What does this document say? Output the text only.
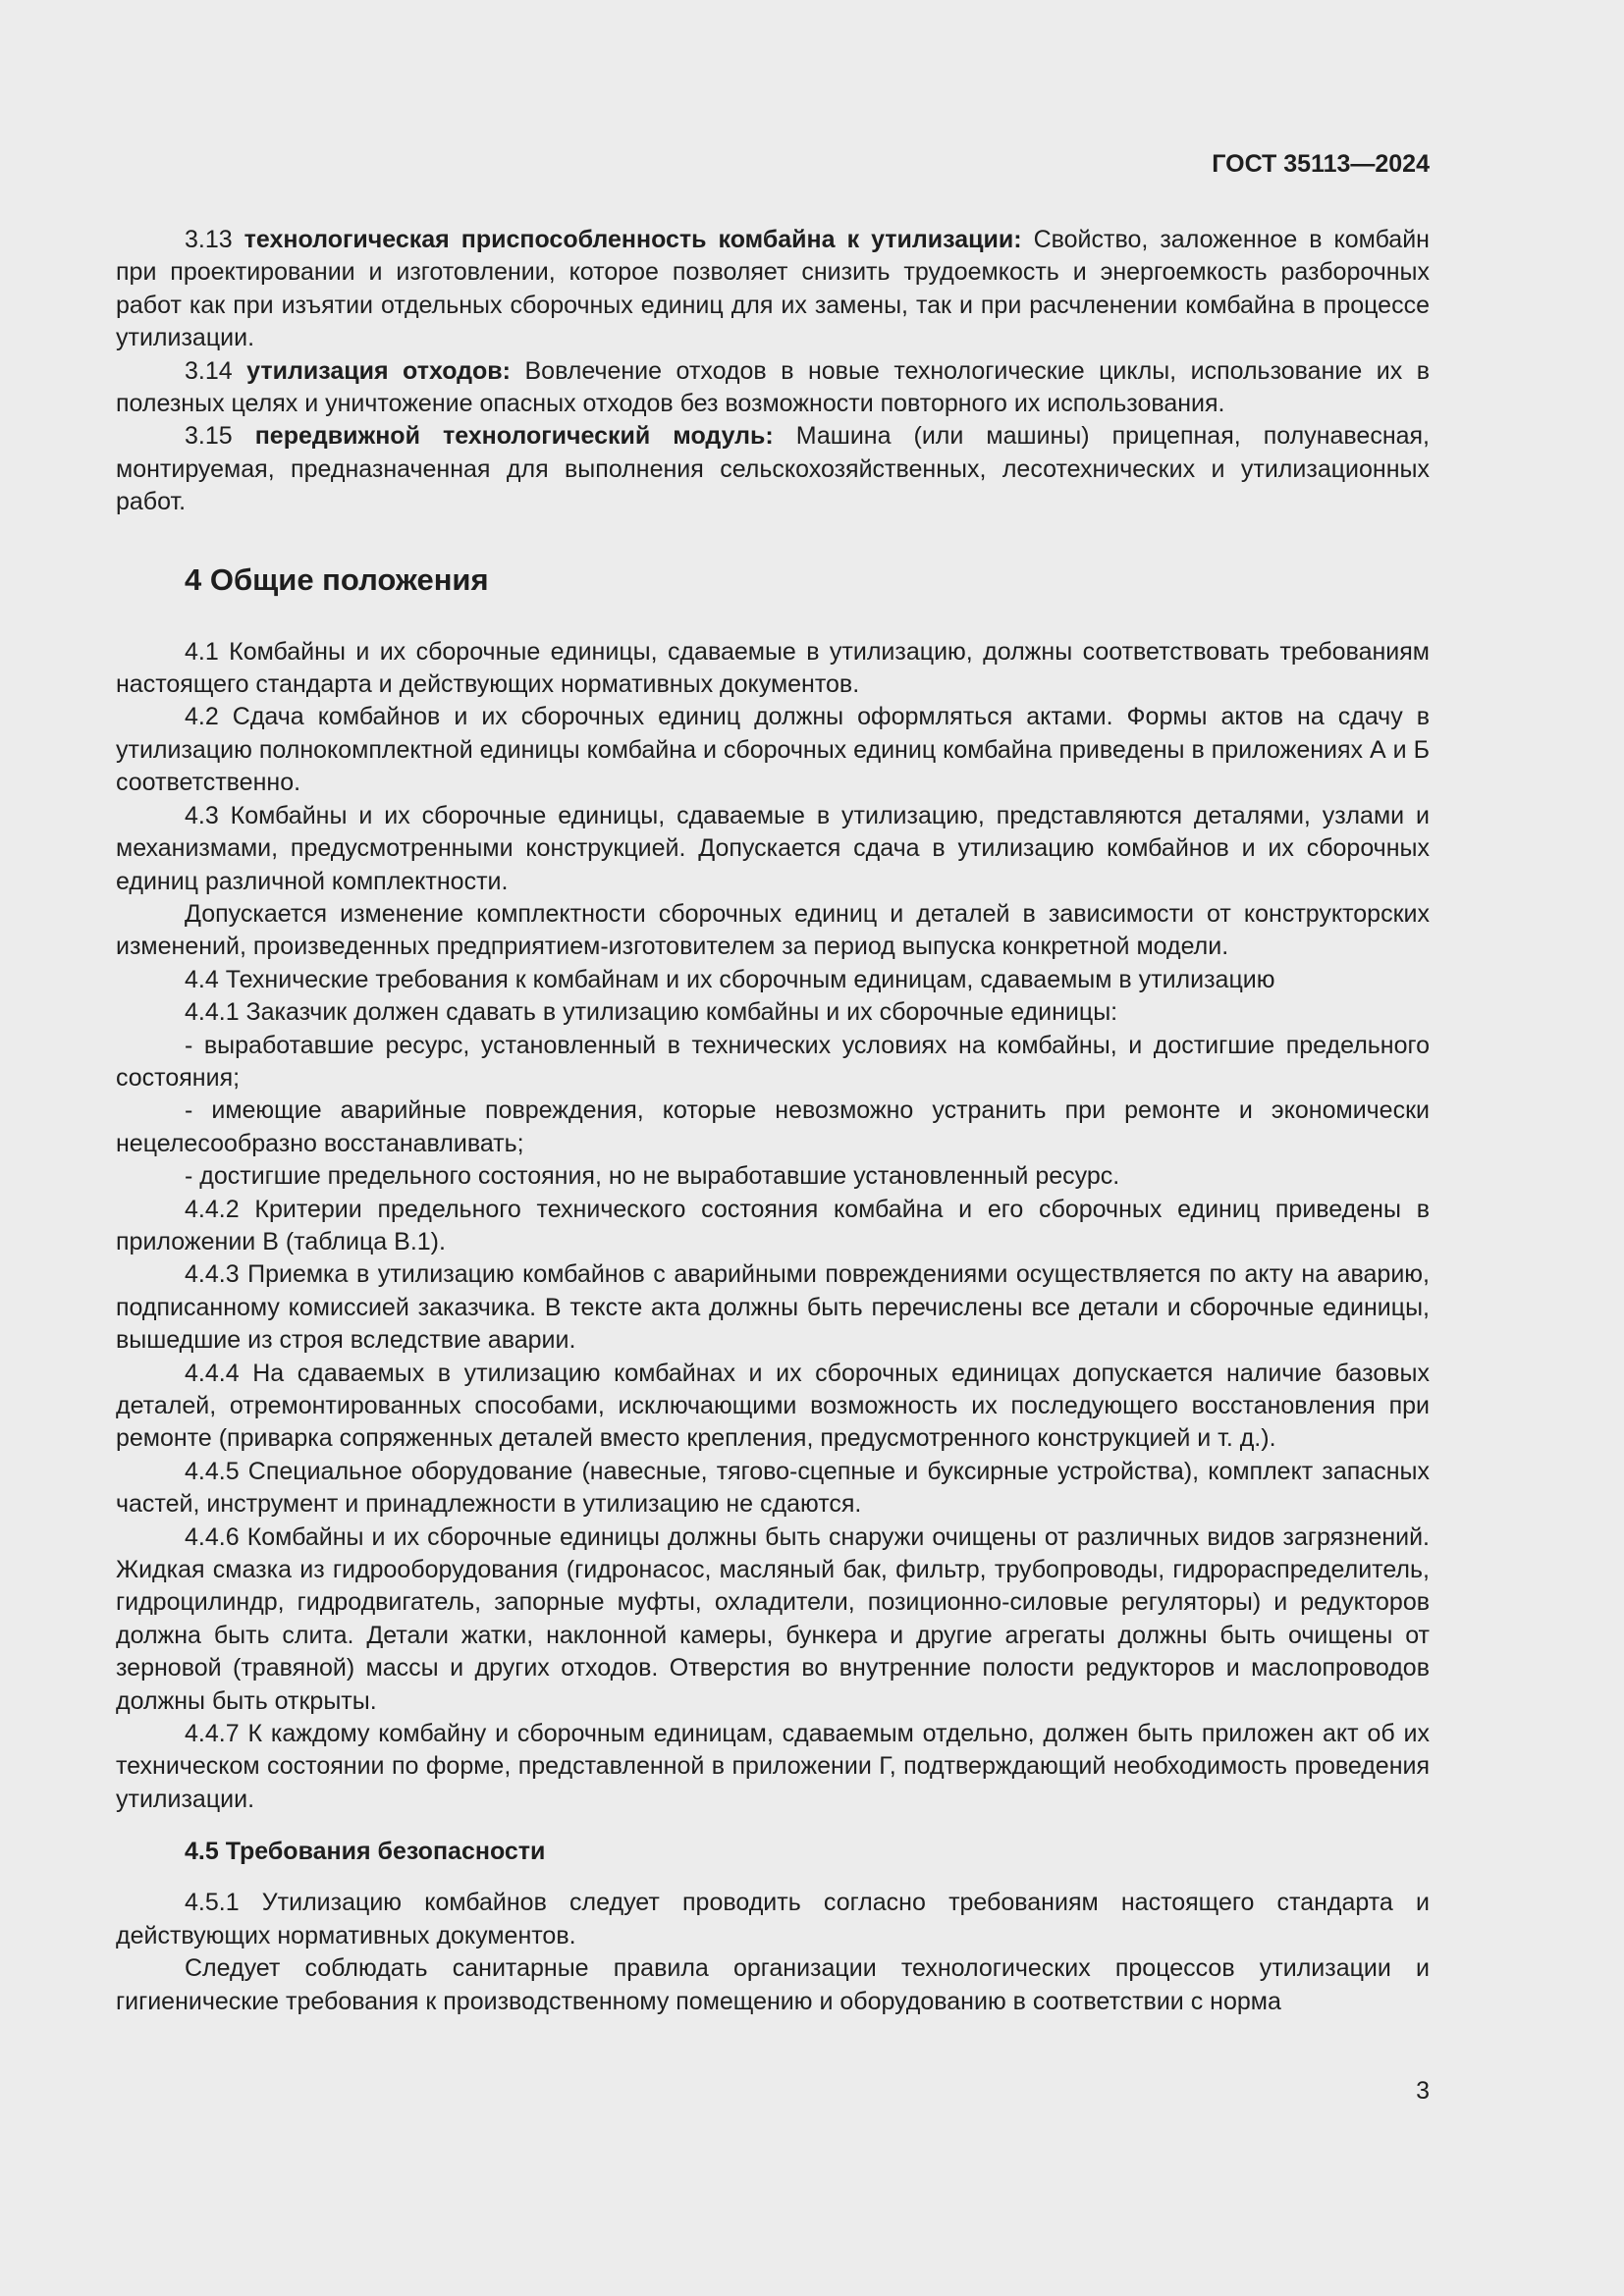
ГОСТ 35113—2024

3.13 технологическая приспособленность комбайна к утилизации: Свойство, заложенное в комбайн при проектировании и изготовлении, которое позволяет снизить трудоемкость и энергоемкость разборочных работ как при изъятии отдельных сборочных единиц для их замены, так и при расчленении комбайна в процессе утилизации.

3.14 утилизация отходов: Вовлечение отходов в новые технологические циклы, использование их в полезных целях и уничтожение опасных отходов без возможности повторного их использования.

3.15 передвижной технологический модуль: Машина (или машины) прицепная, полунавесная, монтируемая, предназначенная для выполнения сельскохозяйственных, лесотехнических и утилизационных работ.

4 Общие положения

4.1 Комбайны и их сборочные единицы, сдаваемые в утилизацию, должны соответствовать требованиям настоящего стандарта и действующих нормативных документов.

4.2 Сдача комбайнов и их сборочных единиц должны оформляться актами. Формы актов на сдачу в утилизацию полнокомплектной единицы комбайна и сборочных единиц комбайна приведены в приложениях А и Б соответственно.

4.3 Комбайны и их сборочные единицы, сдаваемые в утилизацию, представляются деталями, узлами и механизмами, предусмотренными конструкцией. Допускается сдача в утилизацию комбайнов и их сборочных единиц различной комплектности.

Допускается изменение комплектности сборочных единиц и деталей в зависимости от конструкторских изменений, произведенных предприятием-изготовителем за период выпуска конкретной модели.

4.4 Технические требования к комбайнам и их сборочным единицам, сдаваемым в утилизацию

4.4.1 Заказчик должен сдавать в утилизацию комбайны и их сборочные единицы:

- выработавшие ресурс, установленный в технических условиях на комбайны, и достигшие предельного состояния;

- имеющие аварийные повреждения, которые невозможно устранить при ремонте и экономически нецелесообразно восстанавливать;

- достигшие предельного состояния, но не выработавшие установленный ресурс.

4.4.2 Критерии предельного технического состояния комбайна и его сборочных единиц приведены в приложении В (таблица В.1).

4.4.3 Приемка в утилизацию комбайнов с аварийными повреждениями осуществляется по акту на аварию, подписанному комиссией заказчика. В тексте акта должны быть перечислены все детали и сборочные единицы, вышедшие из строя вследствие аварии.

4.4.4 На сдаваемых в утилизацию комбайнах и их сборочных единицах допускается наличие базовых деталей, отремонтированных способами, исключающими возможность их последующего восстановления при ремонте (приварка сопряженных деталей вместо крепления, предусмотренного конструкцией и т. д.).

4.4.5 Специальное оборудование (навесные, тягово-сцепные и буксирные устройства), комплект запасных частей, инструмент и принадлежности в утилизацию не сдаются.

4.4.6 Комбайны и их сборочные единицы должны быть снаружи очищены от различных видов загрязнений. Жидкая смазка из гидрооборудования (гидронасос, масляный бак, фильтр, трубопроводы, гидрораспределитель, гидроцилиндр, гидродвигатель, запорные муфты, охладители, позиционно-силовые регуляторы) и редукторов должна быть слита. Детали жатки, наклонной камеры, бункера и другие агрегаты должны быть очищены от зерновой (травяной) массы и других отходов. Отверстия во внутренние полости редукторов и маслопроводов должны быть открыты.

4.4.7 К каждому комбайну и сборочным единицам, сдаваемым отдельно, должен быть приложен акт об их техническом состоянии по форме, представленной в приложении Г, подтверждающий необходимость проведения утилизации.

4.5 Требования безопасности

4.5.1 Утилизацию комбайнов следует проводить согласно требованиям настоящего стандарта и действующих нормативных документов.

Следует соблюдать санитарные правила организации технологических процессов утилизации и гигиенические требования к производственному помещению и оборудованию в соответствии с норма

3
